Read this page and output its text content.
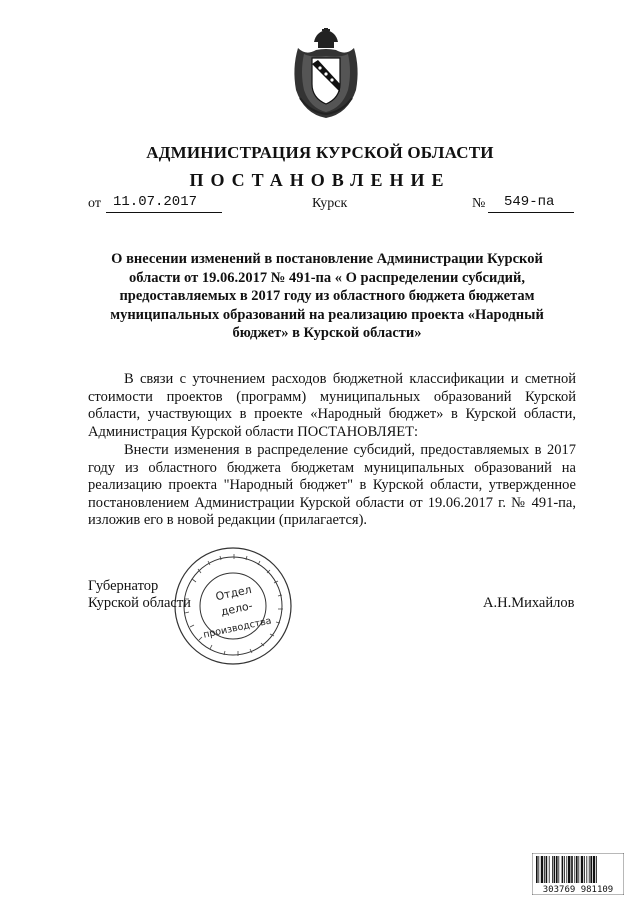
АДМИНИСТРАЦИЯ КУРСКОЙ ОБЛАСТИ
ПОСТАНОВЛЕНИЕ
от 11.07.2017	Курск	№ 549-па
О внесении изменений в постановление Администрации Курской области от 19.06.2017 № 491-па « О распределении субсидий, предоставляемых в 2017 году из областного бюджета бюджетам муниципальных образований на реализацию проекта «Народный бюджет» в Курской области»

В связи с уточнением расходов бюджетной классификации и сметной стоимости проектов (программ) муниципальных образований Курской области, участвующих в проекте «Народный бюджет» в Курской области, Администрация Курской области ПОСТАНОВЛЯЕТ:

Внести изменения в распределение субсидий, предоставляемых в 2017 году из областного бюджета бюджетам муниципальных образований на реализацию проекта "Народный бюджет" в Курской области, утвержденное постановлением Администрации Курской области от 19.06.2017 г. № 491-па, изложив его в новой редакции (прилагается).

Отдел
дело-
производства
Губернатор
Курской области	А.Н.Михайлов
303769 981109
